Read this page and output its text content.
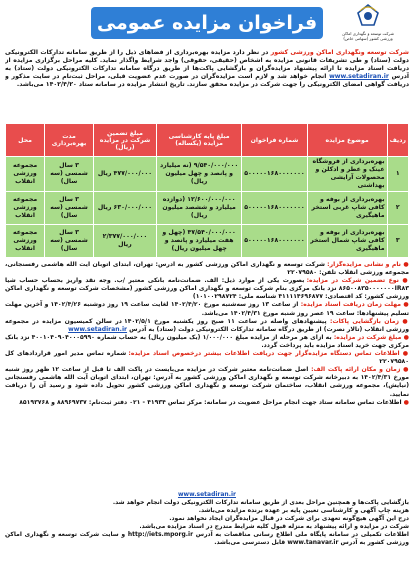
شرکت توسعه و نگهداری اماکن
ورزشی کشور (سهامی خاص)
فراخوان مزایده عمومی
شرکت توسعه ونگهداری اماکن ورزشی کشور در نظر دارد مزایده بهره‌برداری از فضاهای ذیل را از طریق سامانه تدارکات الکترونیکی دولت (ستاد) و طی تشریفات قانونی مزایده به اشخاص (حقیقی، حقوقی) واجد شرایط واگذار نماید. کلیه مراحل برگزاری مزایده از دریافت اسناد مزایده تا ارائه پیشنهاد مزایده‌گران و بازگشایی پاکت‌ها از طریق درگاه سامانه تدارکات الکترونیکی دولت (ستاد) به آدرس www.setadiran.ir انجام خواهد شد و لازم است مزایده‌گران در صورت عدم عضویت قبلی، مراحل ثبت‌نام در سایت مذکور و دریافت گواهی امضای الکترونیکی را جهت شرکت در مزایده محقق سازند. تاریخ انتشار مزایده در سامانه ستاد ۱۴۰۲/۴/۲۰ می‌باشد.
ردیف	موضوع مزایده	شماره فراخوان	مبلغ پایه کارشناسی مزایده (یکساله)	مبلغ تضمین شرکت در مزایده (ریال)	مدت بهره‌برداری	محل
۱	بهره‌برداری از فروشگاه عینک و عطر و ادکلن و محصولات آرایشی بهداشتی	۵۰۰۰۰۰۱۶۸۰۰۰۰۰۰۰	۹/۵۴۰/۰۰۰/۰۰۰ (نه میلیارد و پانصد و چهل میلیون ریال)	۴۷۷/۰۰۰/۰۰۰ ریال	۳ سال شمسی (سه سال)	مجموعه ورزشی انقلاب
۲	بهره‌برداری از بوفه و کافی شاپ غربی استخر ماهیگیری	۵۰۰۰۰۰۱۶۸۰۰۰۰۰۰۰	۱۲/۶۰۰/۰۰۰/۰۰۰ (دوازده میلیارد و ششصد میلیون ریال)	۶۳۰/۰۰۰/۰۰۰ ریال	۳ سال شمسی (سه سال)	مجموعه ورزشی انقلاب
۳	بهره‌برداری از بوفه و کافی شاپ شمال استخر ماهیگیری	۵۰۰۰۰۰۱۶۸۰۰۰۰۰۰۰	۴۷/۵۴۰/۰۰۰/۰۰۰ (چهل و هفت میلیارد و پانصد و چهل میلیون ریال)	۲/۳۷۷/۰۰۰/۰۰۰ ریال	۳ سال شمسی (سه سال)	مجموعه ورزشی انقلاب
● نام و نشانی مزایده‌گزار: شرکت توسعه و نگهداری اماکن ورزشی کشور به آدرس: تهران، ابتدای اتوبان آیت الله هاشمی رفسنجانی، مجموعه ورزشی انقلاب تلفن: ۲۲۰۷۹۵۸۰
● نوع تضمین شرکت در مزایده: بصورت یکی از موارد ذیل: الف. ضمانت‌نامه بانکی معتبر /ب. وجه نقد واریز بحساب حساب شیا ۸۶۵۰۰۸۳۵۰۰۰۰۰۰۰IR۸۳ نزد بانک مرکزی بنام شرکت توسعه و نگهداری اماکن ورزشی کشور (مشخصات شرکت توسعه و نگهداری اماکن ورزشی کشور: کد اقتصادی: ۴۱۱۱۱۴۶۹۶۸۷۷ شناسه ملی: ۱۰۱۰۰۲۹۸۷۲۴)
● مهلت زمان دریافت اسناد مزایده: از ساعت ۱۳ روز سه‌شنبه مورخ ۱۴۰۲/۴/۲۰ لغایت ساعت ۱۹ روز دوشنبه ۱۴۰۲/۴/۲۶ و آخرین مهلت تسلیم پیشنهادها: ساعت ۱۹ عصر روز شنبه مورخ ۱۴۰۲/۴/۳۱ می‌باشد.
● زمان بازگشایی پاکات: پیشنهادهای واصله در ساعت ۱۱ صبح روز یکشنبه مورخ ۱۴۰۲/۵/۱ در سالن کمیسیون مزایده در مجموعه ورزشی انقلاب (تالار نصرت) از طریق درگاه سامانه تدارکات الکترونیکی دولت (ستاد) به آدرس www.setadiran.ir
● مبلغ شرکت در مزایده: به ازای هر مرحله از مزایده مبلغ ۱/۰۰۰/۰۰۰ (یک میلیون ریال) به حساب شماره ۴۰۰۱۰۴۰۹۰۴۰۰۰۵۹۹۰ نزد بانک مرکزی جهت خرید اسناد مزایده باید پرداخت گردد.
● اطلاعات تماس دستگاه مزایده‌گزار جهت دریافت اطلاعات بیشتر درخصوص اسناد مزایده: شماره تماس مدیر امور قراردادهای کل ۲۲۰۷۹۵۸۰
● زمان و مکان ارائه پاکت الف: اصل ضمانت‌نامه معتبر شرکت در مزایده می‌بایست در پاکت الف تا قبل از ساعت ۱۲ ظهر روز شنبه مورخ ۱۴۰۲/۴/۳۱ به دبیرخانه شرکت توسعه و نگهداری اماکن ورزشی کشور به آدرس: تهران، ابتدای اتوبان آیت الله هاشمی رفسنجانی (نیایش)، مجموعه ورزشی انقلاب، ساختمان شرکت توسعه و نگهداری اماکن ورزشی کشور تحویل داده شود و رسید آن را دریافت نمایید.
● اطلاعات تماس سامانه ستاد جهت انجام مراحل عضویت در سامانه: مرکز تماس ۴۱۹۳۴ - ۰۲۱ دفتر ثبت‌نام: ۸۸۹۶۹۷۳۷ و ۸۵۱۹۳۷۶۸
www.setadiran.ir
بازگشایی پاکت‌ها و همچنین مراحل بعدی از طریق سامانه تدارکات الکترونیکی دولت انجام خواهد شد.
هزینه چاپ آگهی و کارشناسی تعیین پایه بر عهده برنده مزایده می‌باشد.
درج این آگهی هیچ‌گونه تعهدی برای شرکت در قبال مزایده‌گران ایجاد نخواهد نمود.
شرکت در مزایده و ارائه پیشنهاد به منزله قبول کلیه شرایط مندرج در اسناد مزایده می‌باشد.
اطلاعات تکمیلی در سامانه پایگاه ملی اطلاع رسانی مناقصات به آدرس http://iets.mporg.ir و سایت شرکت توسعه و نگهداری اماکن ورزشی کشور به آدرس www.tanavar.ir قابل دسترسی می‌باشد.
